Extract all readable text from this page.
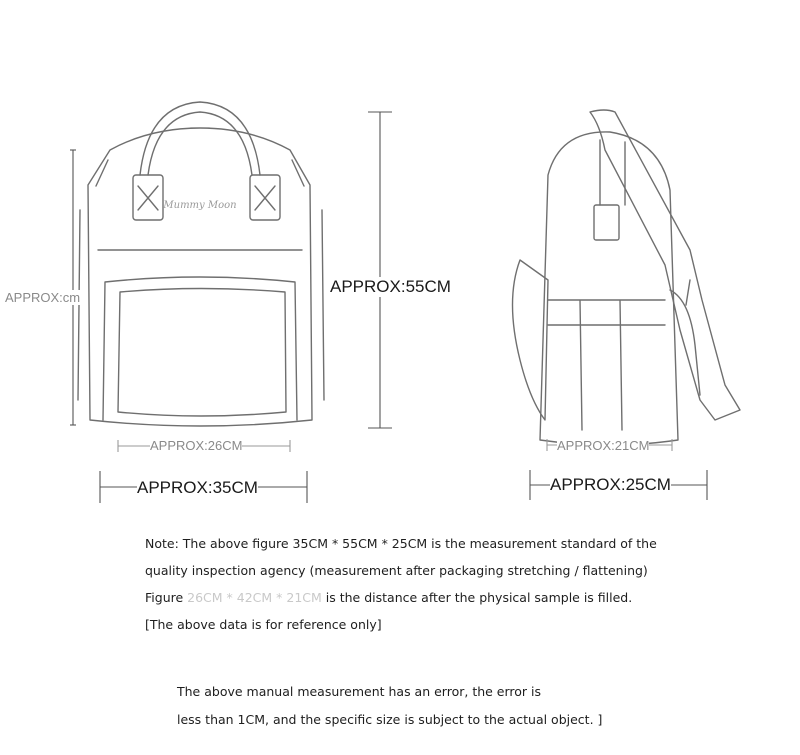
Mummy Moon
APPROX:cm
APPROX:55CM
APPROX:26CM
APPROX:35CM
APPROX:21CM
APPROX:25CM

Note: The above figure 35CM * 55CM * 25CM is the measurement standard of the

quality inspection agency (measurement after packaging stretching / flattening)

Figure 26CM * 42CM * 21CM is the distance after the physical sample is filled.

[The above data is for reference only]

The above manual measurement has an error, the error is

less than 1CM, and the specific size is subject to the actual object. ]
